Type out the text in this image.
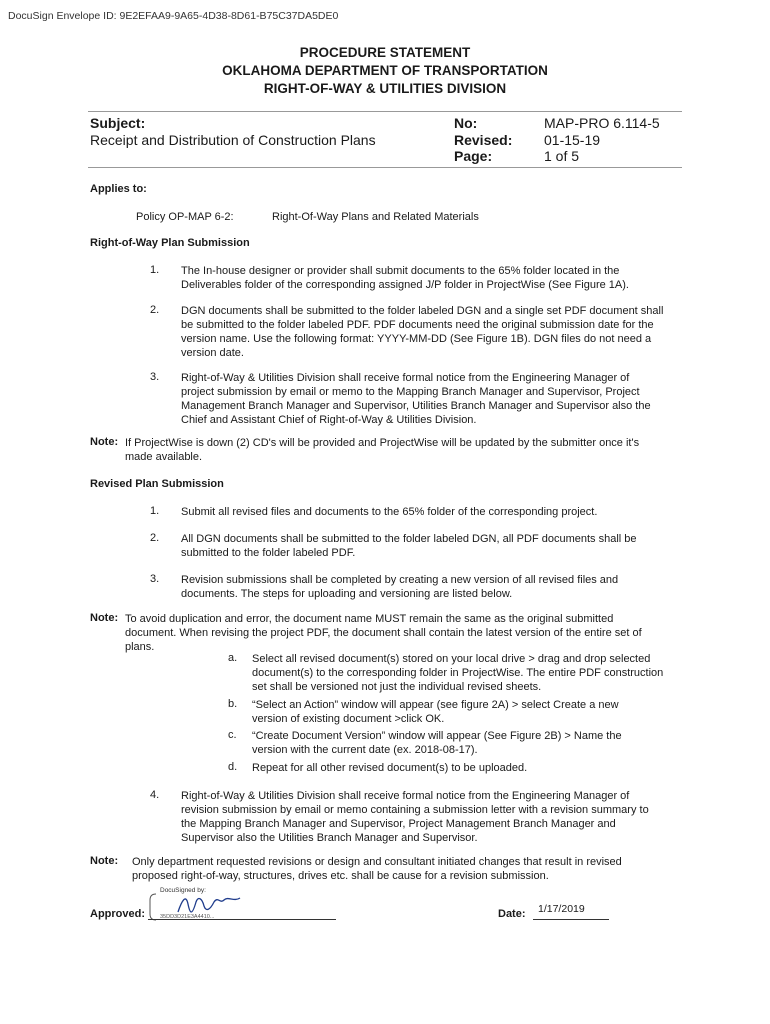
DocuSign Envelope ID: 9E2EFAA9-9A65-4D38-8D61-B75C37DA5DE0
PROCEDURE STATEMENT
OKLAHOMA DEPARTMENT OF TRANSPORTATION
RIGHT-OF-WAY & UTILITIES DIVISION
Subject:
Receipt and Distribution of Construction Plans
No:	MAP-PRO 6.114-5
Revised: 01-15-19
Page:	1 of 5
Applies to:
Policy OP-MAP 6-2:	Right-Of-Way Plans and Related Materials
Right-of-Way Plan Submission
1. The In-house designer or provider shall submit documents to the 65% folder located in the
Deliverables folder of the corresponding assigned J/P folder in ProjectWise (See Figure 1A).
2. DGN documents shall be submitted to the folder labeled DGN and a single set PDF document shall
be submitted to the folder labeled PDF. PDF documents need the original submission date for the
version name. Use the following format: YYYY-MM-DD (See Figure 1B). DGN files do not need a
version date.
3. Right-of-Way & Utilities Division shall receive formal notice from the Engineering Manager of
project submission by email or memo to the Mapping Branch Manager and Supervisor, Project
Management Branch Manager and Supervisor, Utilities Branch Manager and Supervisor also the
Chief and Assistant Chief of Right-of-Way & Utilities Division.
Note: If ProjectWise is down (2) CD's will be provided and ProjectWise will be updated by the submitter once it's
made available.
Revised Plan Submission
1. Submit all revised files and documents to the 65% folder of the corresponding project.
2. All DGN documents shall be submitted to the folder labeled DGN, all PDF documents shall be
submitted to the folder labeled PDF.
3. Revision submissions shall be completed by creating a new version of all revised files and
documents. The steps for uploading and versioning are listed below.
Note: To avoid duplication and error, the document name MUST remain the same as the original submitted
document. When revising the project PDF, the document shall contain the latest version of the entire set of
plans.
a. Select all revised document(s) stored on your local drive > drag and drop selected
document(s) to the corresponding folder in ProjectWise. The entire PDF construction
set shall be versioned not just the individual revised sheets.
b. “Select an Action” window will appear (see figure 2A) > select Create a new
version of existing document >click OK.
c. “Create Document Version” window will appear (See Figure 2B) > Name the
version with the current date (ex. 2018-08-17).
d. Repeat for all other revised document(s) to be uploaded.
4. Right-of-Way & Utilities Division shall receive formal notice from the Engineering Manager of
revision submission by email or memo containing a submission letter with a revision summary to
the Mapping Branch Manager and Supervisor, Project Management Branch Manager and
Supervisor also the Utilities Branch Manager and Supervisor.
Note: Only department requested revisions or design and consultant initiated changes that result in revised
proposed right-of-way, structures, drives etc. shall be cause for a revision submission.
Approved:
DocuSigned by:
35DD3D21E3A4410...	Date: 1/17/2019
